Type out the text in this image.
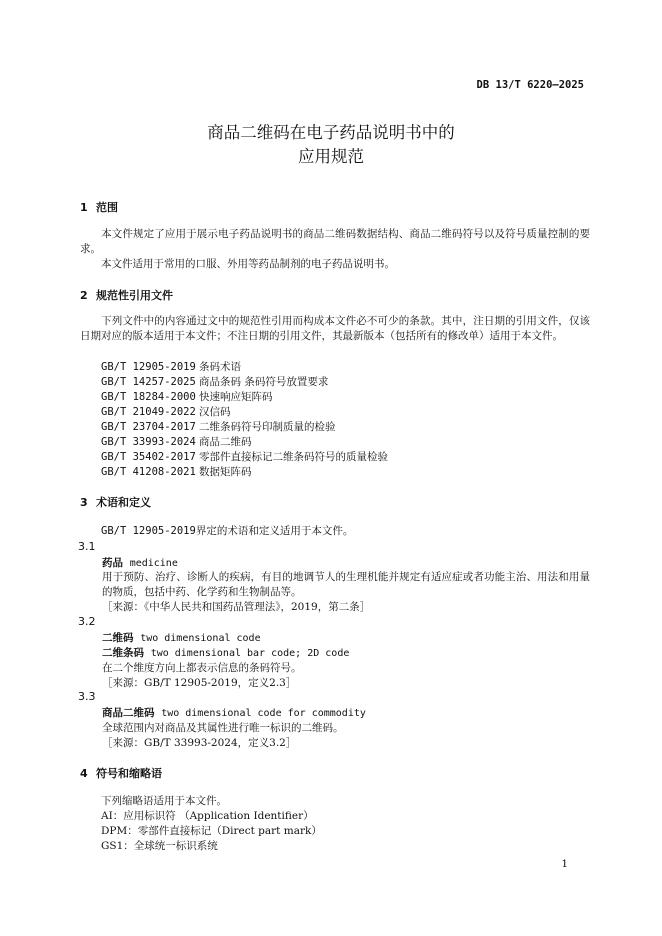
DB 13/T 6220—2025
商品二维码在电子药品说明书中的
应用规范
1 范围
本文件规定了应用于展示电子药品说明书的商品二维码数据结构、商品二维码符号以及符号质量控制的要求。
本文件适用于常用的口服、外用等药品制剂的电子药品说明书。
2 规范性引用文件
下列文件中的内容通过文中的规范性引用而构成本文件必不可少的条款。其中，注日期的引用文件，仅该日期对应的版本适用于本文件；不注日期的引用文件，其最新版本（包括所有的修改单）适用于本文件。
GB/T 12905-2019 条码术语
GB/T 14257-2025 商品条码 条码符号放置要求
GB/T 18284-2000 快速响应矩阵码
GB/T 21049-2022 汉信码
GB/T 23704-2017 二维条码符号印制质量的检验
GB/T 33993-2024 商品二维码
GB/T 35402-2017 零部件直接标记二维条码符号的质量检验
GB/T 41208-2021 数据矩阵码
3 术语和定义
GB/T 12905-2019界定的术语和定义适用于本文件。
3.1
药品 medicine
用于预防、治疗、诊断人的疾病，有目的地调节人的生理机能并规定有适应症或者功能主治、用法和用量的物质，包括中药、化学药和生物制品等。
［来源：《中华人民共和国药品管理法》，2019，第二条］
3.2
二维码 two dimensional code
二维条码 two dimensional bar code; 2D code
在二个维度方向上都表示信息的条码符号。
［来源：GB/T 12905-2019，定义2.3］
3.3
商品二维码 two dimensional code for commodity
全球范围内对商品及其属性进行唯一标识的二维码。
［来源：GB/T 33993-2024，定义3.2］
4 符号和缩略语
下列缩略语适用于本文件。
AI：应用标识符 （Application Identifier）
DPM：零部件直接标记（Direct part mark）
GS1：全球统一标识系统
1
